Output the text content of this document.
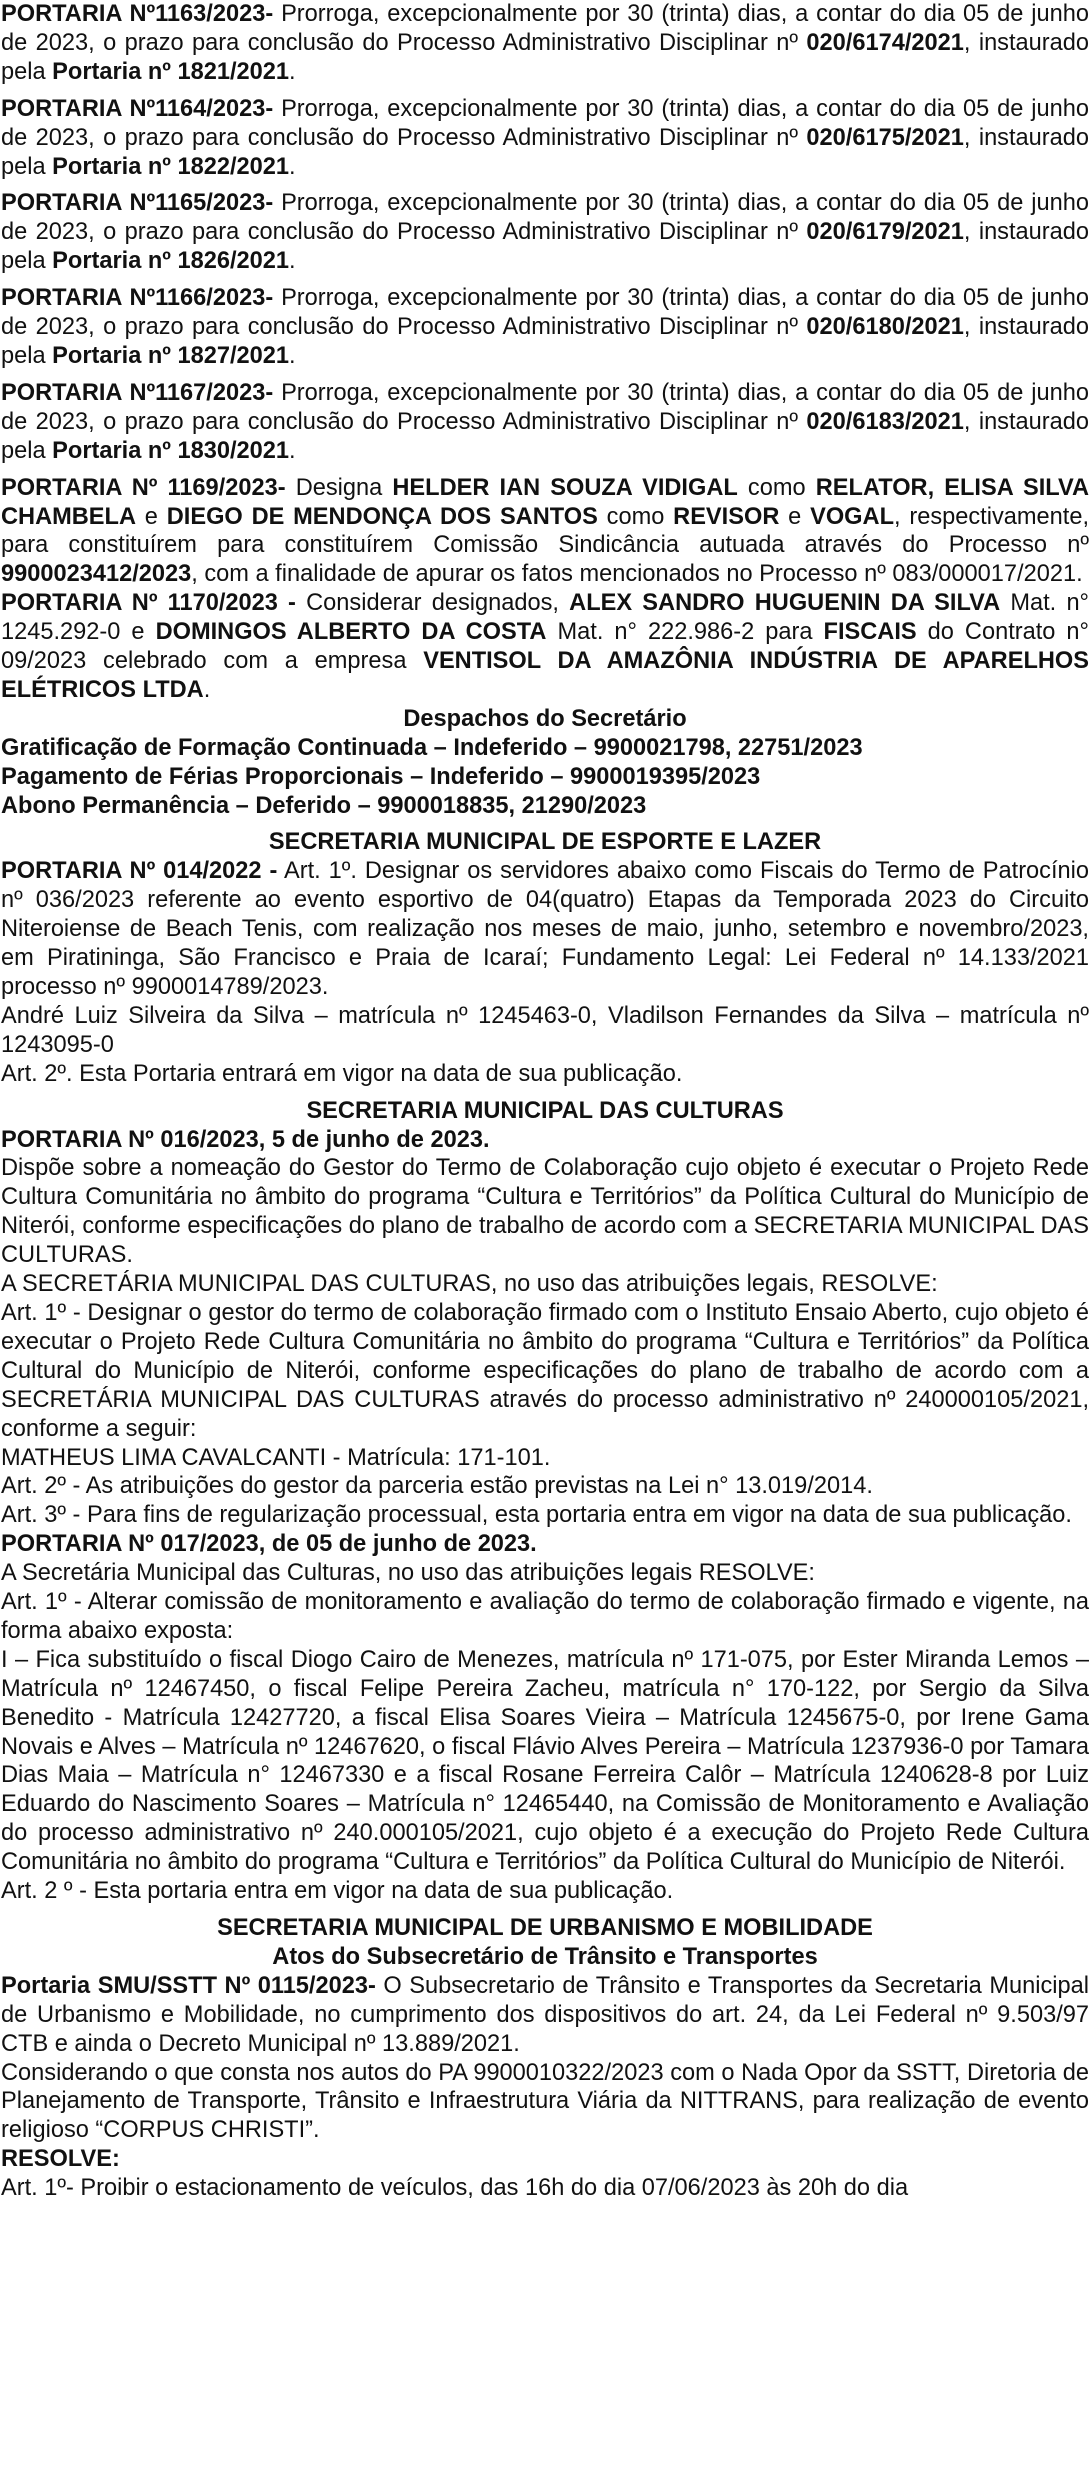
PORTARIA Nº1163/2023- Prorroga, excepcionalmente por 30 (trinta) dias, a contar do dia 05 de junho de 2023, o prazo para conclusão do Processo Administrativo Disciplinar nº 020/6174/2021, instaurado pela Portaria nº 1821/2021.

PORTARIA Nº1164/2023- Prorroga, excepcionalmente por 30 (trinta) dias, a contar do dia 05 de junho de 2023, o prazo para conclusão do Processo Administrativo Disciplinar nº 020/6175/2021, instaurado pela Portaria nº 1822/2021.

PORTARIA Nº1165/2023- Prorroga, excepcionalmente por 30 (trinta) dias, a contar do dia 05 de junho de 2023, o prazo para conclusão do Processo Administrativo Disciplinar nº 020/6179/2021, instaurado pela Portaria nº 1826/2021.

PORTARIA Nº1166/2023- Prorroga, excepcionalmente por 30 (trinta) dias, a contar do dia 05 de junho de 2023, o prazo para conclusão do Processo Administrativo Disciplinar nº 020/6180/2021, instaurado pela Portaria nº 1827/2021.

PORTARIA Nº1167/2023- Prorroga, excepcionalmente por 30 (trinta) dias, a contar do dia 05 de junho de 2023, o prazo para conclusão do Processo Administrativo Disciplinar nº 020/6183/2021, instaurado pela Portaria nº 1830/2021.

PORTARIA Nº 1169/2023- Designa HELDER IAN SOUZA VIDIGAL como RELATOR, ELISA SILVA CHAMBELA e DIEGO DE MENDONÇA DOS SANTOS como REVISOR e VOGAL, respectivamente, para constituírem para constituírem Comissão Sindicância autuada através do Processo nº 9900023412/2023, com a finalidade de apurar os fatos mencionados no Processo nº 083/000017/2021.

PORTARIA Nº 1170/2023 - Considerar designados, ALEX SANDRO HUGUENIN DA SILVA Mat. n° 1245.292-0 e DOMINGOS ALBERTO DA COSTA Mat. n° 222.986-2 para FISCAIS do Contrato n° 09/2023 celebrado com a empresa VENTISOL DA AMAZÔNIA INDÚSTRIA DE APARELHOS ELÉTRICOS LTDA.

Despachos do Secretário

Gratificação de Formação Continuada – Indeferido – 9900021798, 22751/2023

Pagamento de Férias Proporcionais – Indeferido – 9900019395/2023

Abono Permanência – Deferido – 9900018835, 21290/2023

SECRETARIA MUNICIPAL DE ESPORTE E LAZER

PORTARIA Nº 014/2022 - Art. 1º. Designar os servidores abaixo como Fiscais do Termo de Patrocínio nº 036/2023 referente ao evento esportivo de 04(quatro) Etapas da Temporada 2023 do Circuito Niteroiense de Beach Tenis, com realização nos meses de maio, junho, setembro e novembro/2023, em Piratininga, São Francisco e Praia de Icaraí; Fundamento Legal: Lei Federal nº 14.133/2021 processo nº 9900014789/2023.

André Luiz Silveira da Silva – matrícula nº 1245463-0, Vladilson Fernandes da Silva – matrícula nº 1243095-0

Art. 2º. Esta Portaria entrará em vigor na data de sua publicação.

SECRETARIA MUNICIPAL DAS CULTURAS

PORTARIA Nº 016/2023, 5 de junho de 2023.

Dispõe sobre a nomeação do Gestor do Termo de Colaboração cujo objeto é executar o Projeto Rede Cultura Comunitária no âmbito do programa “Cultura e Territórios” da Política Cultural do Município de Niterói, conforme especificações do plano de trabalho de acordo com a SECRETARIA MUNICIPAL DAS CULTURAS.

A SECRETÁRIA MUNICIPAL DAS CULTURAS, no uso das atribuições legais, RESOLVE:

Art. 1º - Designar o gestor do termo de colaboração firmado com o Instituto Ensaio Aberto, cujo objeto é executar o Projeto Rede Cultura Comunitária no âmbito do programa “Cultura e Territórios” da Política Cultural do Município de Niterói, conforme especificações do plano de trabalho de acordo com a SECRETÁRIA MUNICIPAL DAS CULTURAS através do processo administrativo nº 240000105/2021, conforme a seguir:

MATHEUS LIMA CAVALCANTI - Matrícula: 171-101.

Art. 2º - As atribuições do gestor da parceria estão previstas na Lei n° 13.019/2014.

Art. 3º - Para fins de regularização processual, esta portaria entra em vigor na data de sua publicação.

PORTARIA Nº 017/2023, de 05 de junho de 2023.

A Secretária Municipal das Culturas, no uso das atribuições legais RESOLVE:

Art. 1º - Alterar comissão de monitoramento e avaliação do termo de colaboração firmado e vigente, na forma abaixo exposta:

I – Fica substituído o fiscal Diogo Cairo de Menezes, matrícula nº 171-075, por Ester Miranda Lemos – Matrícula nº 12467450, o fiscal Felipe Pereira Zacheu, matrícula n° 170-122, por Sergio da Silva Benedito - Matrícula 12427720, a fiscal Elisa Soares Vieira – Matrícula 1245675-0, por Irene Gama Novais e Alves – Matrícula nº 12467620, o fiscal Flávio Alves Pereira – Matrícula 1237936-0 por Tamara Dias Maia – Matrícula n° 12467330 e a fiscal Rosane Ferreira Calôr – Matrícula 1240628-8 por Luiz Eduardo do Nascimento Soares – Matrícula n° 12465440, na Comissão de Monitoramento e Avaliação do processo administrativo nº 240.000105/2021, cujo objeto é a execução do Projeto Rede Cultura Comunitária no âmbito do programa “Cultura e Territórios” da Política Cultural do Município de Niterói.

Art. 2 º - Esta portaria entra em vigor na data de sua publicação.

SECRETARIA MUNICIPAL DE URBANISMO E MOBILIDADE

Atos do Subsecretário de Trânsito e Transportes

Portaria SMU/SSTT Nº 0115/2023- O Subsecretario de Trânsito e Transportes da Secretaria Municipal de Urbanismo e Mobilidade, no cumprimento dos dispositivos do art. 24, da Lei Federal nº 9.503/97 CTB e ainda o Decreto Municipal nº 13.889/2021.

Considerando o que consta nos autos do PA 9900010322/2023 com o Nada Opor da SSTT, Diretoria de Planejamento de Transporte, Trânsito e Infraestrutura Viária da NITTRANS, para realização de evento religioso “CORPUS CHRISTI”.

RESOLVE:

Art. 1º- Proibir o estacionamento de veículos, das 16h do dia 07/06/2023 às 20h do dia
